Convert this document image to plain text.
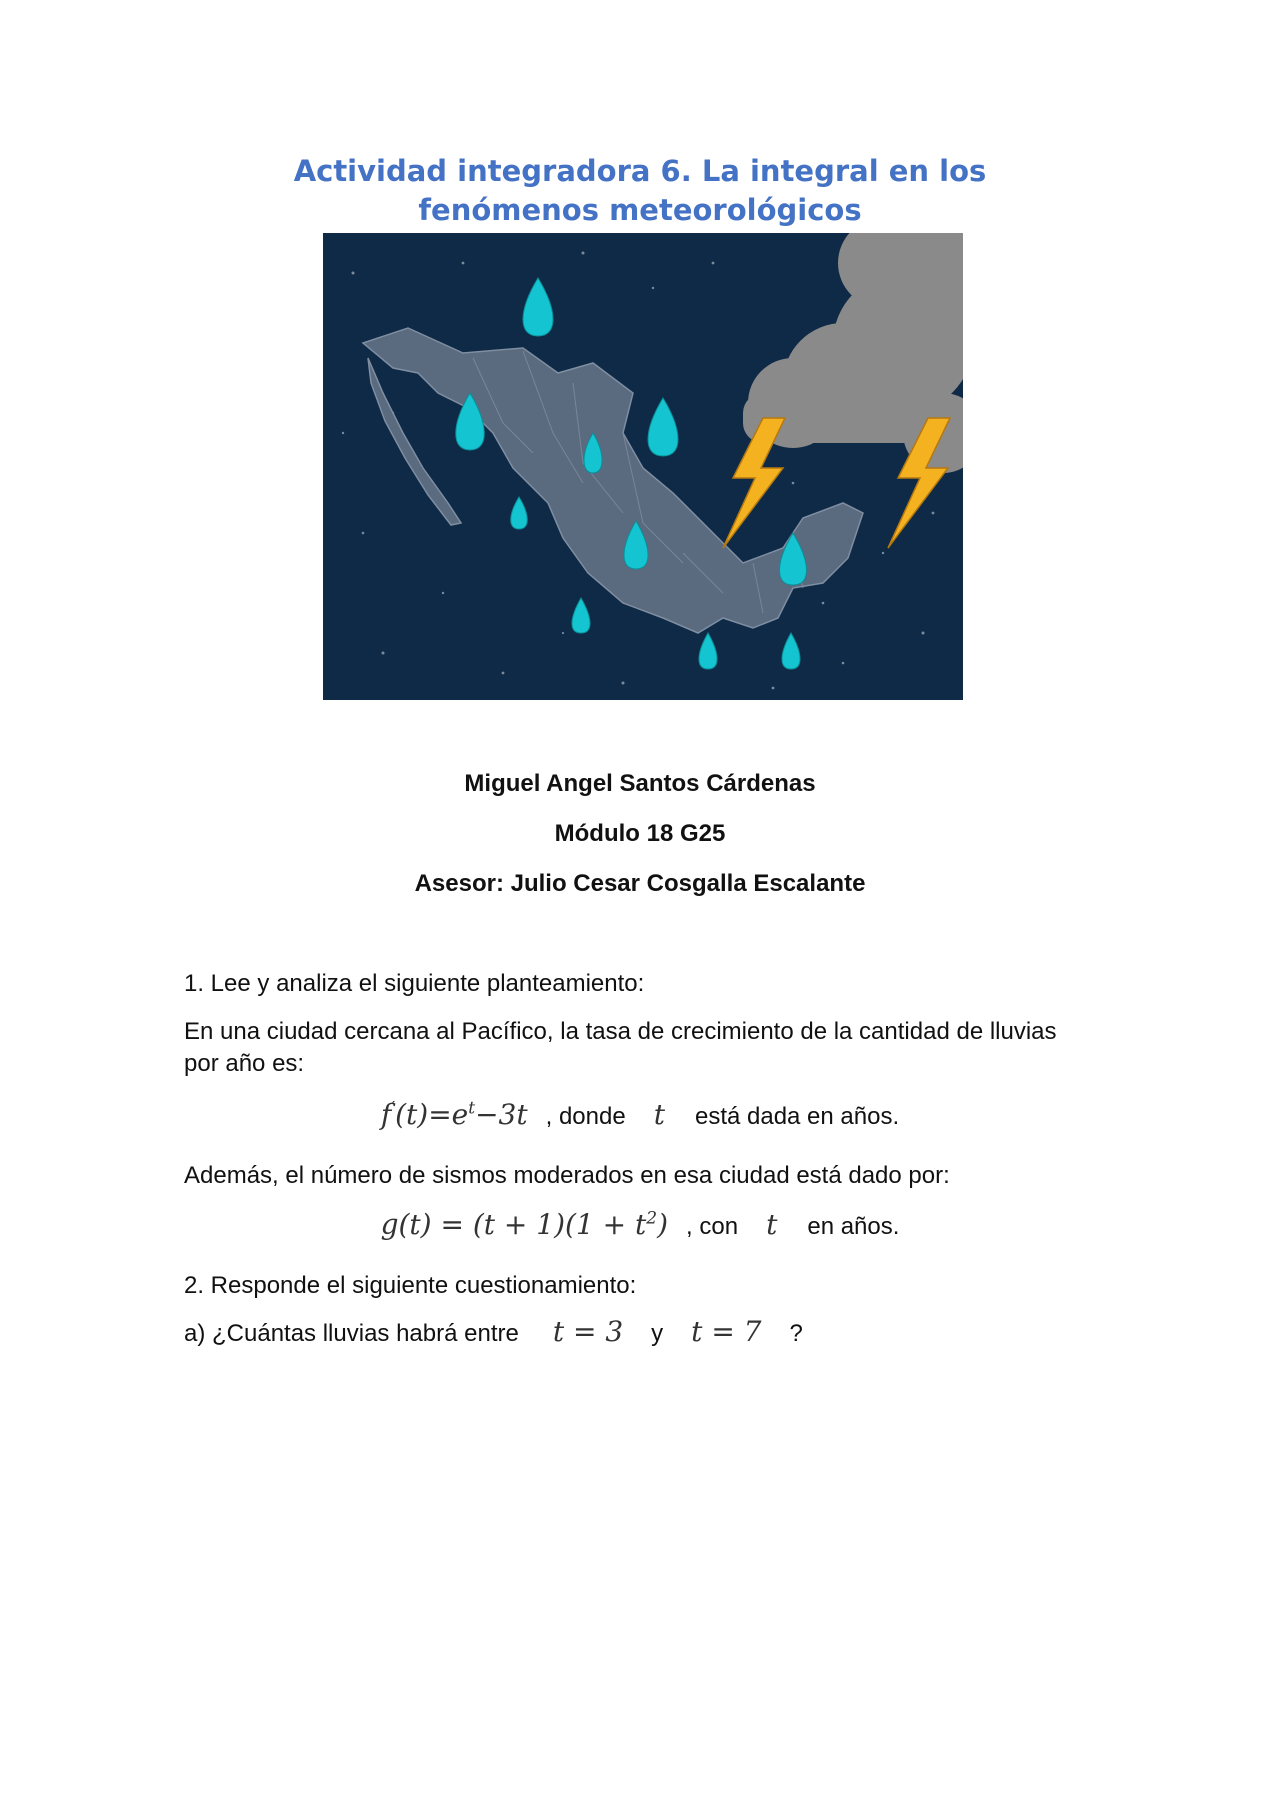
Actividad integradora 6. La integral en los
fenómenos meteorológicos

Miguel Angel Santos Cárdenas

Módulo 18 G25

Asesor: Julio Cesar Cosgalla Escalante

1. Lee y analiza el siguiente planteamiento:

En una ciudad cercana al Pacífico, la tasa de crecimiento de la cantidad de lluvias por año es:

$f'(t)=e^t-3t$ , donde t está dada en años.

Además, el número de sismos moderados en esa ciudad está dado por:

$g(t) = (t + 1)(1 + t^2)$ , con t en años.

2. Responde el siguiente cuestionamiento:

a) ¿Cuántas lluvias habrá entre t = 3 y t = 7 ?
